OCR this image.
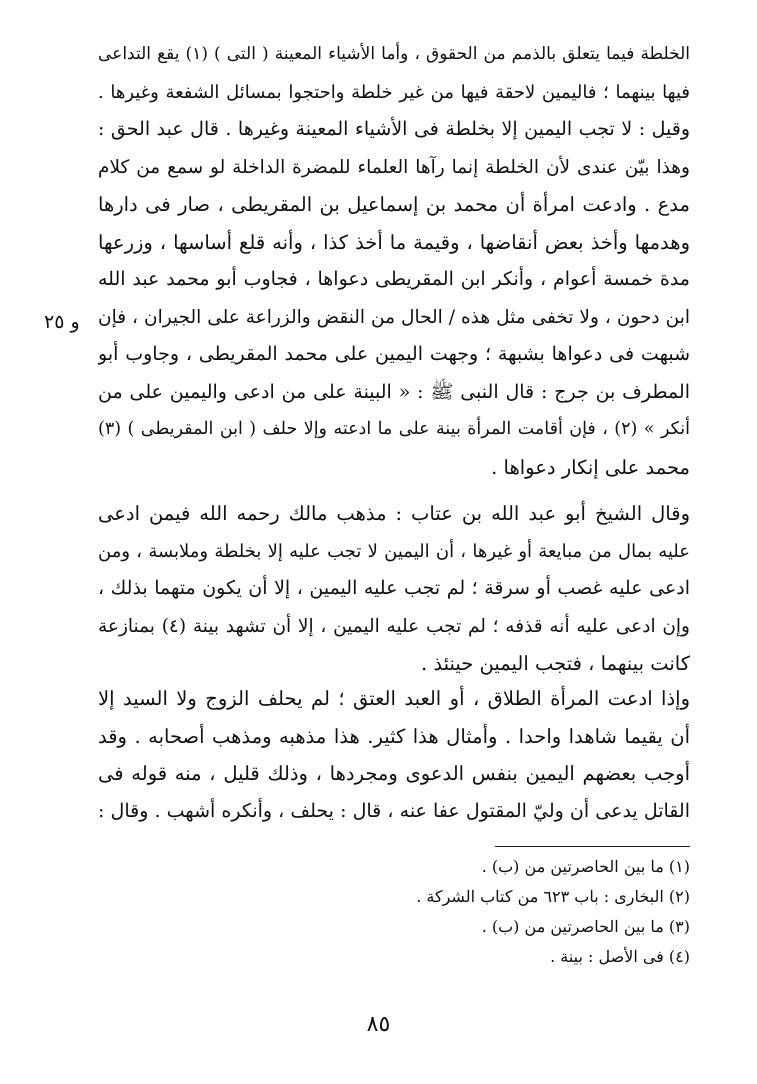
الخلطة فيما يتعلق بالذمم من الحقوق ، وأما الأشياء المعينة ( التى ) (١) يقع التداعى
فيها بينهما ؛ فاليمين لاحقة فيها من غير خلطة واحتجوا بمسائل الشفعة وغيرها .
وقيل : لا تجب اليمين إلا بخلطة فى الأشياء المعينة وغيرها . قال عبد الحق :
وهذا بيّن عندى لأن الخلطة إنما رآها العلماء للمضرة الداخلة لو سمع من كلام
مدع . وادعت امرأة أن محمد بن إسماعيل بن المقريطى ، صار فى دارها
وهدمها وأخذ بعض أنقاضها ، وقيمة ما أخذ كذا ، وأنه قلع أساسها ، وزرعها
مدة خمسة أعوام ، وأنكر ابن المقريطى دعواها ، فجاوب أبو محمد عبد الله
ابن دحون ، ولا تخفى مثل هذه / الحال من النقض والزراعة على الجيران ، فإن
شبهت فى دعواها بشبهة ؛ وجهت اليمين على محمد المقريطى ، وجاوب أبو
المطرف بن جرج : قال النبى ﷺ : « البينة على من ادعى واليمين على من
أنكر » (٢) ، فإن أقامت المرأة بينة على ما ادعته وإلا حلف ( ابن المقريطى ) (٣)
محمد على إنكار دعواها .
و ٢٥
وقال الشيخ أبو عبد الله بن عتاب : مذهب مالك رحمه الله فيمن ادعى
عليه بمال من مبايعة أو غيرها ، أن اليمين لا تجب عليه إلا بخلطة وملابسة ، ومن
ادعى عليه غصب أو سرقة ؛ لم تجب عليه اليمين ، إلا أن يكون متهما بذلك ،
وإن ادعى عليه أنه قذفه ؛ لم تجب عليه اليمين ، إلا أن تشهد بينة (٤) بمنازعة
كانت بينهما ، فتجب اليمين حينئذ .
وإذا ادعت المرأة الطلاق ، أو العبد العتق ؛ لم يحلف الزوج ولا السيد إلا
أن يقيما شاهدا واحدا . وأمثال هذا كثير. هذا مذهبه ومذهب أصحابه . وقد
أوجب بعضهم اليمين بنفس الدعوى ومجردها ، وذلك قليل ، منه قوله فى
القاتل يدعى أن وليّ المقتول عفا عنه ، قال : يحلف ، وأنكره أشهب . وقال :
(١) ما بين الحاصرتين من (ب) .
(٢) البخارى : باب ٦٢٣ من كتاب الشركة .
(٣) ما بين الحاصرتين من (ب) .
(٤) فى الأصل : بينة .
٨٥
